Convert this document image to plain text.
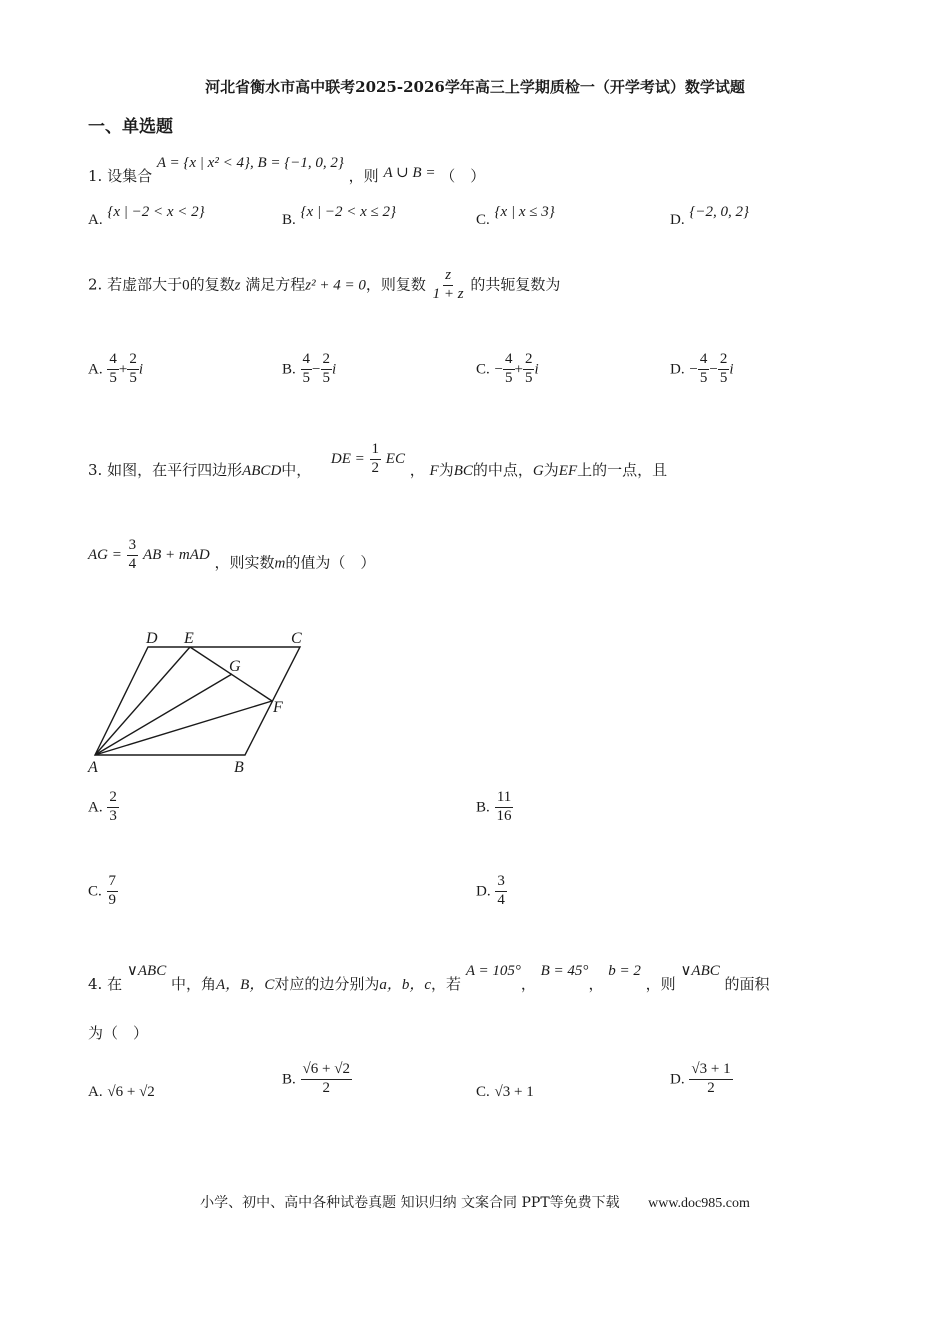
河北省衡水市高中联考2025-2026学年高三上学期质检一（开学考试）数学试题
一、单选题
1. 设集合 A = {x | x² < 4}, B = {−1, 0, 2} ，则 A ∪ B = （　）
A. {x | −2 < x < 2}	B. {x | −2 < x ≤ 2}	C. {x | x ≤ 3}	D. {−2, 0, 2}
2. 若虚部大于0的复数z 满足方程z² + 4 = 0，则复数 $\frac{z}{1 + z}$ 的共轭复数为
A. $\frac{4}{5} + \frac{2}{5}$ i	B. $\frac{4}{5} - \frac{2}{5}$ i	C. − $\frac{4}{5} + \frac{2}{5}$ i	D. − $\frac{4}{5} - \frac{2}{5}$ i
3. 如图，在平行四边形ABCD中，  DE = $\frac{1}{2}$ EC ， F为BC的中点，G为EF上的一点，且
AG = $\frac{3}{4}$ AB + mAD ，则实数m的值为（　）
D E	C
G
F
A	B
A. $\frac{2}{3}$	B. $\frac{11}{16}$
C. $\frac{7}{9}$	D. $\frac{3}{4}$
4. 在 ∨ABC 中，角A，B，C对应的边分别为a，b，c，若 A = 105°， B = 45°， b = 2 ，则 ∨ABC 的面积
为（　）
A. √6 + √2
B. $\frac{√6 + √2}{2}$	C. √3 + 1
D. $\frac{√3 + 1}{2}$
小学、初中、高中各种试卷真题 知识归纳 文案合同 PPT等免费下载 www.doc985.com
